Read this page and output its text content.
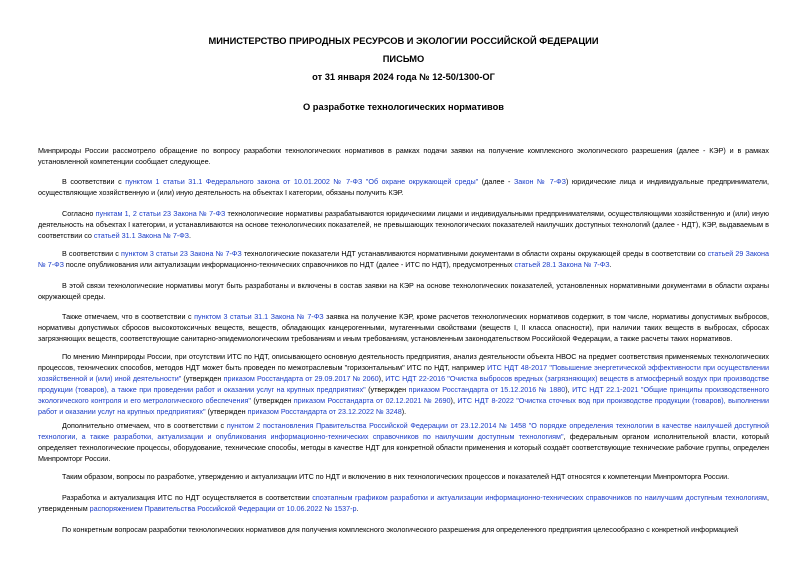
МИНИСТЕРСТВО ПРИРОДНЫХ РЕСУРСОВ И ЭКОЛОГИИ РОССИЙСКОЙ ФЕДЕРАЦИИ
ПИСЬМО
от 31 января 2024 года № 12-50/1300-ОГ
О разработке технологических нормативов
Минприроды России рассмотрело обращение по вопросу разработки технологических нормативов в рамках подачи заявки на получение комплексного экологического разрешения (далее - КЭР) и в рамках установленной компетенции сообщает следующее.
В соответствии с пунктом 1 статьи 31.1 Федерального закона от 10.01.2002 № 7-ФЗ "Об охране окружающей среды" (далее - Закон № 7-ФЗ) юридические лица и индивидуальные предприниматели, осуществляющие хозяйственную и (или) иную деятельность на объектах I категории, обязаны получить КЭР.
Согласно пунктам 1, 2 статьи 23 Закона № 7-ФЗ технологические нормативы разрабатываются юридическими лицами и индивидуальными предпринимателями, осуществляющими хозяйственную и (или) иную деятельность на объектах I категории, и устанавливаются на основе технологических показателей, не превышающих технологических показателей наилучших доступных технологий (далее - НДТ), КЭР, выдаваемым в соответствии со статьей 31.1 Закона № 7-ФЗ.
В соответствии с пунктом 3 статьи 23 Закона № 7-ФЗ технологические показатели НДТ устанавливаются нормативными документами в области охраны окружающей среды в соответствии со статьей 29 Закона № 7-ФЗ после опубликования или актуализации информационно-технических справочников по НДТ (далее - ИТС по НДТ), предусмотренных статьей 28.1 Закона № 7-ФЗ.
В этой связи технологические нормативы могут быть разработаны и включены в состав заявки на КЭР на основе технологических показателей, установленных нормативными документами в области охраны окружающей среды.
Также отмечаем, что в соответствии с пунктом 3 статьи 31.1 Закона № 7-ФЗ заявка на получение КЭР, кроме расчетов технологических нормативов содержит, в том числе, нормативы допустимых выбросов, нормативы допустимых сбросов высокотоксичных веществ, веществ, обладающих канцерогенными, мутагенными свойствами (веществ I, II класса опасности), при наличии таких веществ в выбросах, сбросах загрязняющих веществ, соответствующие санитарно-эпидемиологическим требованиям и иным требованиям, установленным законодательством Российской Федерации, а также расчеты таких нормативов.
По мнению Минприроды России, при отсутствии ИТС по НДТ, описывающего основную деятельность предприятия, анализ деятельности объекта НВОС на предмет соответствия применяемых технологических процессов, технических способов, методов НДТ может быть проведен по межотраслевым "горизонтальным" ИТС по НДТ, например ИТС НДТ 48-2017 "Повышение энергетической эффективности при осуществлении хозяйственной и (или) иной деятельности" (утвержден приказом Росстандарта от 29.09.2017 № 2060), ИТС НДТ 22-2016 "Очистка выбросов вредных (загрязняющих) веществ в атмосферный воздух при производстве продукции (товаров), а также при проведении работ и оказании услуг на крупных предприятиях" (утвержден приказом Росстандарта от 15.12.2016 № 1880), ИТС НДТ 22.1-2021 "Общие принципы производственного экологического контроля и его метрологического обеспечения" (утвержден приказом Росстандарта от 02.12.2021 № 2690), ИТС НДТ 8-2022 "Очистка сточных вод при производстве продукции (товаров), выполнении работ и оказании услуг на крупных предприятиях" (утвержден приказом Росстандарта от 23.12.2022 № 3248).
Дополнительно отмечаем, что в соответствии с пунктом 2 постановления Правительства Российской Федерации от 23.12.2014 № 1458 "О порядке определения технологии в качестве наилучшей доступной технологии, а также разработки, актуализации и опубликования информационно-технических справочников по наилучшим доступным технологиям", федеральным органом исполнительной власти, который определяет технологические процессы, оборудование, технические способы, методы в качестве НДТ для конкретной области применения и который создаёт соответствующие технические рабочие группы, определен Минпромторг России.
Таким образом, вопросы по разработке, утверждению и актуализации ИТС по НДТ и включению в них технологических процессов и показателей НДТ относятся к компетенции Минпромторга России.
Разработка и актуализация ИТС по НДТ осуществляется в соответствии споэтапным графиком разработки и актуализации информационно-технических справочников по наилучшим доступным технологиям, утвержденным распоряжением Правительства Российской Федерации от 10.06.2022 № 1537-р.
По конкретным вопросам разработки технологических нормативов для получения комплексного экологического разрешения для определенного предприятия целесообразно с конкретной информацией
